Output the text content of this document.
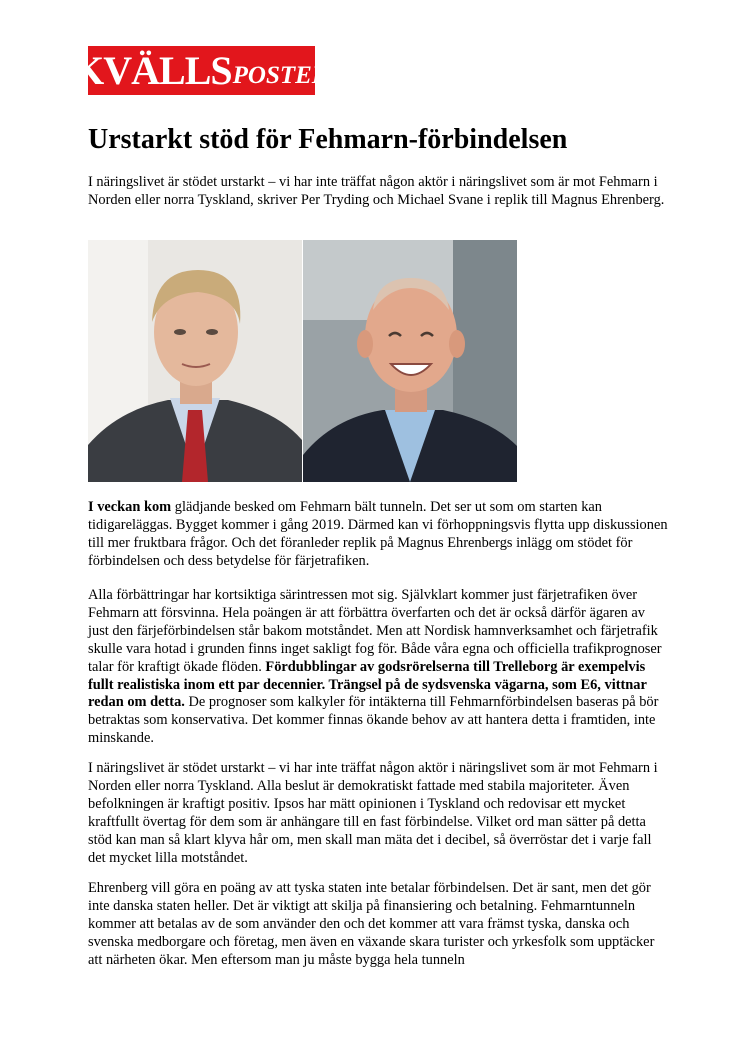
KVÄLLS POSTEN
Urstarkt stöd för Fehmarn-förbindelsen

I näringslivet är stödet urstarkt – vi har inte träffat någon aktör i näringslivet som är mot Fehmarn i Norden eller norra Tyskland, skriver Per Tryding och Michael Svane i replik till Magnus Ehrenberg.

I veckan kom glädjande besked om Fehmarn bält tunneln. Det ser ut som om starten kan tidigareläggas. Bygget kommer i gång 2019. Därmed kan vi förhoppningsvis flytta upp diskussionen till mer fruktbara frågor. Och det föranleder replik på Magnus Ehrenbergs inlägg om stödet för förbindelsen och dess betydelse för färjetrafiken.

Alla förbättringar har kortsiktiga särintressen mot sig. Självklart kommer just färjetrafiken över Fehmarn att försvinna. Hela poängen är att förbättra överfarten och det är också därför ägaren av just den färjeförbindelsen står bakom motståndet. Men att Nordisk hamnverksamhet och färjetrafik skulle vara hotad i grunden finns inget sakligt fog för. Både våra egna och officiella trafikprognoser talar för kraftigt ökade flöden. Fördubblingar av godsrörelserna till Trelleborg är exempelvis fullt realistiska inom ett par decennier. Trängsel på de sydsvenska vägarna, som E6, vittnar redan om detta. De prognoser som kalkyler för intäkterna till Fehmarnförbindelsen baseras på bör betraktas som konservativa. Det kommer finnas ökande behov av att hantera detta i framtiden, inte minskande.

I näringslivet är stödet urstarkt – vi har inte träffat någon aktör i näringslivet som är mot Fehmarn i Norden eller norra Tyskland. Alla beslut är demokratiskt fattade med stabila majoriteter. Även befolkningen är kraftigt positiv. Ipsos har mätt opinionen i Tyskland och redovisar ett mycket kraftfullt övertag för dem som är anhängare till en fast förbindelse. Vilket ord man sätter på detta stöd kan man så klart klyva hår om, men skall man mäta det i decibel, så överröstar det i varje fall det mycket lilla motståndet.

Ehrenberg vill göra en poäng av att tyska staten inte betalar förbindelsen. Det är sant, men det gör inte danska staten heller. Det är viktigt att skilja på finansiering och betalning. Fehmarntunneln kommer att betalas av de som använder den och det kommer att vara främst tyska, danska och svenska medborgare och företag, men även en växande skara turister och yrkesfolk som upptäcker att närheten ökar. Men eftersom man ju måste bygga hela tunneln
